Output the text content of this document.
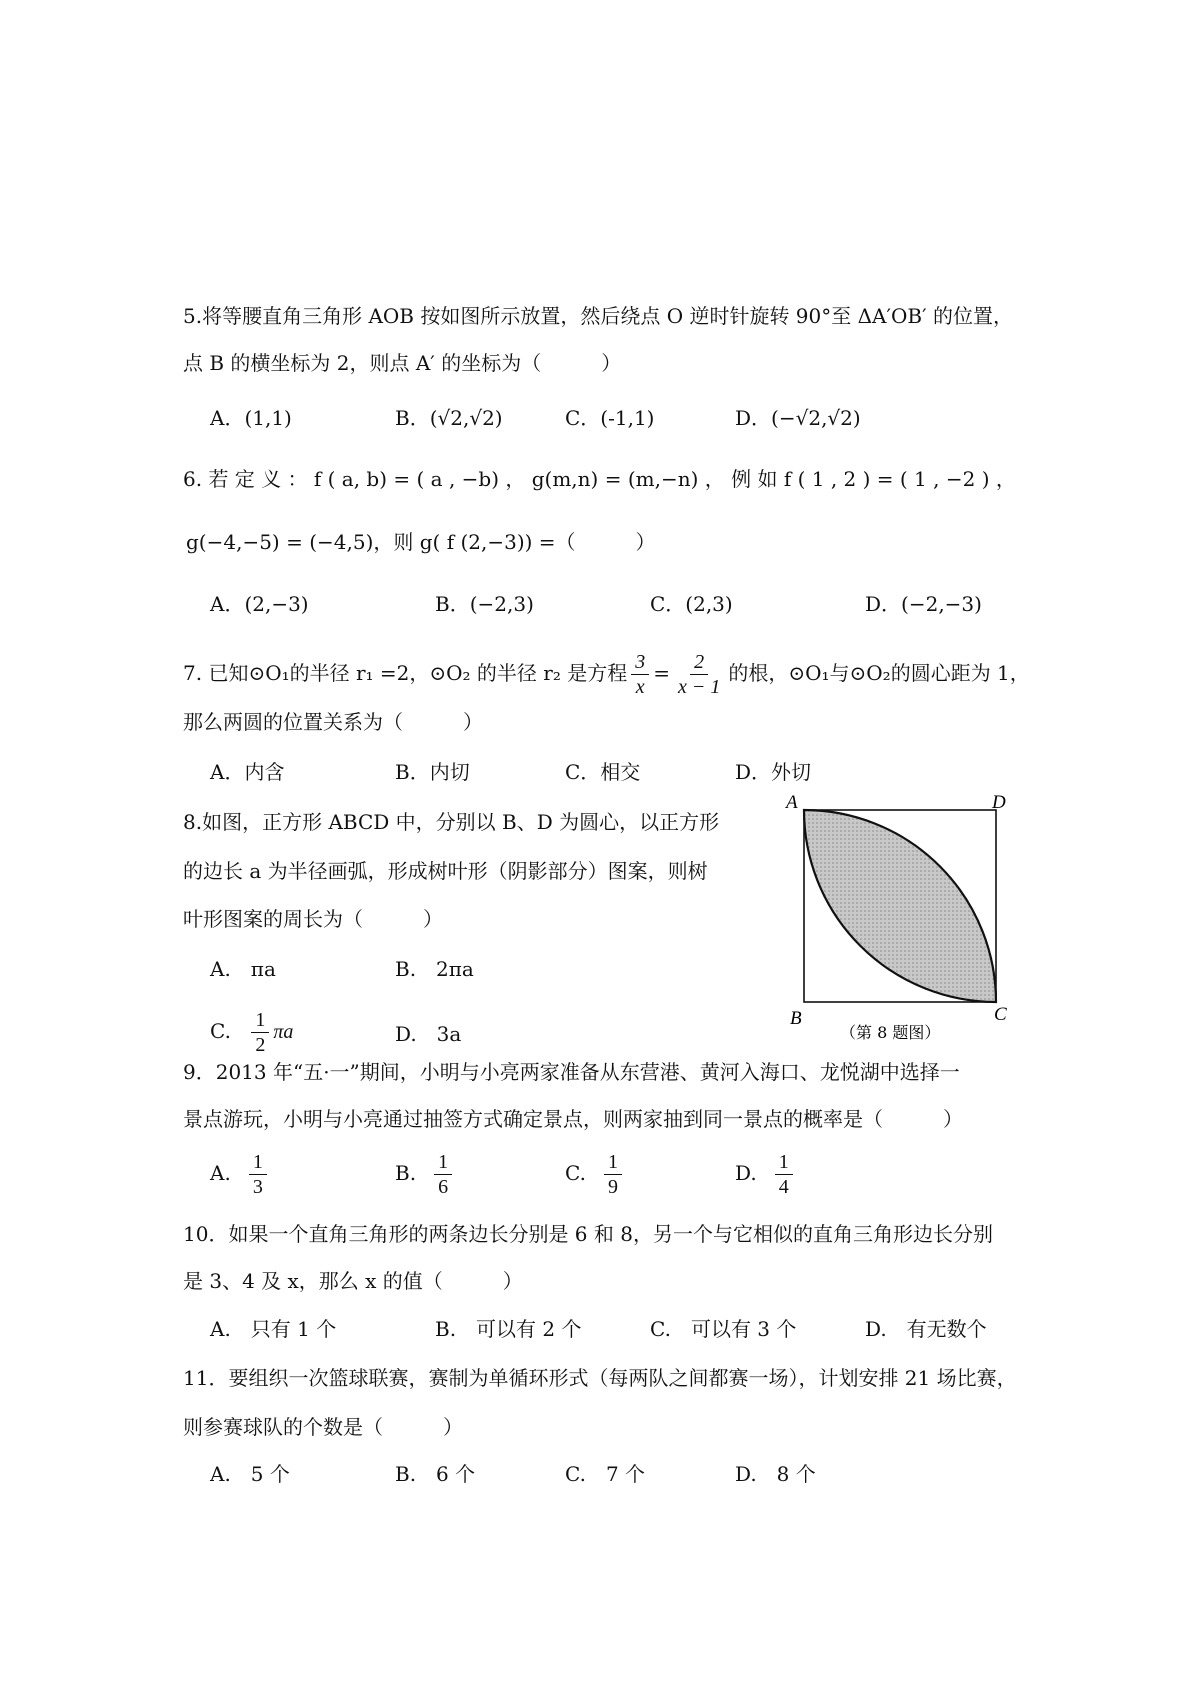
5.将等腰直角三角形 AOB 按如图所示放置，然后绕点 O 逆时针旋转 90°至 ΔA′OB′ 的位置，
点 B 的横坐标为 2，则点 A′ 的坐标为（　　　）
A．(1,1)	B．(√2,√2)	C．(-1,1)	D．(−√2,√2)
6. 若 定 义 ： f ( a, b) = ( a , −b) ， g(m,n) = (m,−n) ， 例 如 f ( 1 , 2 ) = ( 1 , −2 ) ，
g(−4,−5) = (−4,5)，则 g( f (2,−3)) =（　　　）
A．(2,−3)	B．(−2,3)	C．(2,3)	D．(−2,−3)
7. 已知⊙O₁的半径 r₁ =2，⊙O₂ 的半径 r₂ 是方程 $\frac{3}{x} = \frac{2}{x - 1}$ 的根，⊙O₁与⊙O₂的圆心距为 1，
那么两圆的位置关系为（　　　）
A．内含	B．内切	C．相交	D．外切
8.如图，正方形 ABCD 中，分别以 B、D 为圆心，以正方形
的边长 a 为半径画弧，形成树叶形（阴影部分）图案，则树
叶形图案的周长为（　　　）
A.　πa	B.　2πa
C. $\frac{1}{2}$ πa	D.　3a
A	D
B	C
（第 8 题图）
9．2013 年“五·一”期间，小明与小亮两家准备从东营港、黄河入海口、龙悦湖中选择一
景点游玩，小明与小亮通过抽签方式确定景点，则两家抽到同一景点的概率是（　　　）
A. $\frac{1}{3}$	B. $\frac{1}{6}$	C. $\frac{1}{9}$	D. $\frac{1}{4}$
10．如果一个直角三角形的两条边长分别是 6 和 8，另一个与它相似的直角三角形边长分别
是 3、4 及 x，那么 x 的值（　　　）
A.　只有 1 个	B.　可以有 2 个	C.　可以有 3 个	D.　有无数个
11．要组织一次篮球联赛，赛制为单循环形式（每两队之间都赛一场），计划安排 21 场比赛，
则参赛球队的个数是（　　　）
A.　5 个	B.　6 个	C.　7 个	D.　8 个
